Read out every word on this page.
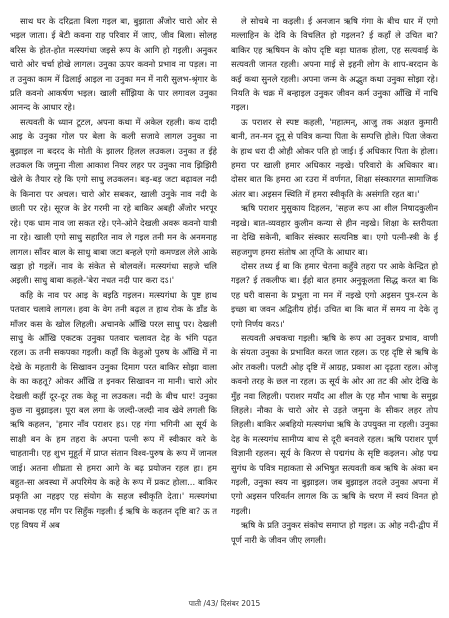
साथ घर के दरिद्रता बिला गइल बा, बुझाता अँजोर चारो ओर से भइल जाता। ई बेटी कवना राह परिवार में जाए, जीव बिला। सोलह बरिस के होत-होत मत्स्यगंधा जइसे रूप के आगि हो गइली। अनुकर चारो ओर चर्चा होखे लागल। उनुका ऊपर कवनो प्रभाव ना पड़ल। ना त उनुका काम में ढिलाई आइल ना उनुका मन में नारी सुलभ-श्रृंगार के प्रति कवनो आकर्षण भइल। खाली साँझिया के पार लगावल उनुका आनन्द के आधार रहे।

सत्यवती के ध्यान टूटल, अपना कथा में अकेल रहली। कथ दादी आइ के उनुका गोल पर बेला के कली सजावे लागल उनुका ना बुझाइल ना बदरद के मोती के झालर हिलल लउकल। उनुका त ईहे लउकल कि जमुना नीला आकाश नियर लहर पर उनुका नाव झिझिरी खेले के तैयार रहे कि एगो साधु लउकलन। बड़-बड़ जटा बढ़ावल नदी के किनारा पर अचल। चारो ओर सबकर, खाली उनुके नाव नदी के छाती पर रहे। सूरज के डेर गरमी ना रहे बाकिर अबही अँजोर भरपूर रहे। एक धाम नाव जा सकत रहे। एने-ओने देखली अवरू कवनो यात्री ना रहे। खाली एगो साधु सहारित नाव ले गइल तनी मन के अनमनाह लागल। साँवर बाल के साधु बाबा जटा बन्हले एगो कमण्डल लेले आके खड़ा हो गइलें। नाव के संकेत से बोलवलें। मत्स्यगंधा सहजे चलि अइली। साधु बाबा कहले-'बेरा नधत नदी पार करा दऽ।'

कहि के नाव पर आइ के बइठि गइलन। मत्स्यगंधा के पुष्ट हाथ पतवार चलावे लागल। हवा के वेग तनी बढ़ल त हाथ रोक के डाँड के माँजर कस के खोल लिहली। अचानके आँखि परल साधु पर। देखली साधु के आँखि एकटक उनुका पतवार चलावत देह के भंगि पढ़त रहल। ऊ तनी सकपका गइली। कहाँ कि केहुओ पुरुष के आँखि में ना देखे के महतारी के सिखावन उनुका दिमाग परत बाकिर सोझा वाला के का कहतू? ओकर आँखि त इनकर सिखावन ना मानी। चारो ओर देखली कहीं दूर-दूर तक केहू ना लउकल। नदी के बीच धार! उनुका कुछ ना बुझाइल। पूरा बल लगा के जल्दी-जल्दी नाव खेवे लगली कि ऋषि कहलन, 'हमार नाँव पराशर हऽ। एह गंगा भगिनी आ सूर्य के साक्षी बन के हम तहरा के अपना पत्नी रूप में स्वीकार करे के चाहतानी। एह शुभ मुहूर्त में प्राप्त संतान विश्व-पुरुष के रूप में जानल जाई। अतना शीघ्रता से हमरा आगे के बढ़ प्रयोजन रहल हा। हम बहुत-सा अवस्था में अपरिमेय के कहे के रूप में प्रकट होला... बाकिर प्रकृति आ नहइए एह संयोग के सहज स्वीकृति देता।' मत्स्यगंधा अचानक एह माँग पर सिहुँक गइली। ई ऋषि के कहतन दृष्टि बा? ऊ त एह विषय में अब

ले सोचबे ना कइली। ई अनजान ऋषि गंगा के बीच धार में एगो मल्लाहिन के देवि के विचलित हो गइलन? ई कहाँ ले उचित बा? बाकिर एह ऋषियन के कोप दृष्टि बड़ा घातक होला, एह सत्यवाई के सत्यवती जानत रहली। अपना माई से इहनी लोग के शाप-बरदान के कई कथा सुनले रहली। अपना जन्म के अद्भुत कथा उनुका सोझा रहे। नियति के चक्र में बन्हाइल उनुकर जीवन कर्म उनुका आँखि में नाचि गइल।

ऊ पराशर से स्पष्ट कहली, 'महात्मन्, आजु तक अक्षत कुमारी बानी, तन-मन दूनू से पवित्र कन्या पिता के सम्पत्ति होले। पिता जेकरा के हाथ धरा दी ओही ओकर पति हो जाई। ई अधिकार पिता के होला। हमरा पर खाली हमार अधिकार नइखे। परिवारो के अधिकार बा। दोसर बात कि हमरा आ रउरा में वर्णगत, शिक्षा संस्कारगत सामाजिक अंतर बा। अइसन स्थिति में हमरा स्वीकृति के असंगति रहत बा।'

ऋषि पराशर मुसुकाय दिहलन, 'सहज रूप आ शील निषादकुलीन नइखे। बात-व्यवहार कुलीन कन्या से हीन नइखे। शिक्षा के स्तरीयता ना देखि सकेनी, बाकिर संस्कार सत्यनिष्ठ बा। एगो पत्नी-स्त्री के ई सहजगुण हमरा संतोष आ तृप्ति के आधार बा।

दोसर तथ्य ई बा कि हमार चेतना कहुँवे तहरा पर आके केन्द्रित हो गइल? ई तकलीफ बा। ईहो बात हमार अनुकूलता सिद्ध करत बा कि एह घरी वासना के प्रभुता ना मन में नइखे एगो अइसन पुत्र-रत्न के इच्छा बा जवन अद्वितीय होई। उचित बा कि बात में समय ना देके तू एगो निर्णय करऽ।'

सत्यवती अचकचा गइली। ऋषि के रूप आ उनुकर प्रभाव, वाणी के संयता उनुका के प्रभावित करत जात रहल। ऊ एह दृष्टि से ऋषि के ओर तकली। पलटी ओह दृष्टि में आग्रह, प्रकाश आ दृढ़ता रहल। ओजू कवनो तरह के छल ना रहल। ऊ सूर्य के ओर आ तट की ओर देखि के मुँह नवा लिहली। पराशर मयाँद आ शील के एह मौन भाषा के समुझ लिहले। नौका के चारो ओर से उड़ते जमुना के सीकर लहर तोप लिहली। बाकिर अबहियो मत्स्यगंधा ऋषि के उपयुक्त ना रहली। उनुका देह के मत्स्यगंध सामीप्य बाध से दूरी बनवले रहल। ऋषि पराशर पूर्ण विज्ञानी रहलन। सूर्य के किरण से पद्मगंध के सृष्टि कइलन। ओह पद्म सुगंध के पवित्र महाकता से अभिषुत सत्यवती कब ऋषि के अंका बन गइली, उनुका स्वय ना बुझाइल। जब बुझाइल तदले उनुका अपना में एगो अइसन परिवर्तन लागल कि ऊ ऋषि के चरण में स्वयं विनत हो गइली।

ऋषि के प्रति उनुकर संकोच समाप्त हो गइल। ऊ ओह नदी-द्वीप में पूर्ण नारी के जीवन जीए लगली।

पाती /43/ दिसंबर 2015
